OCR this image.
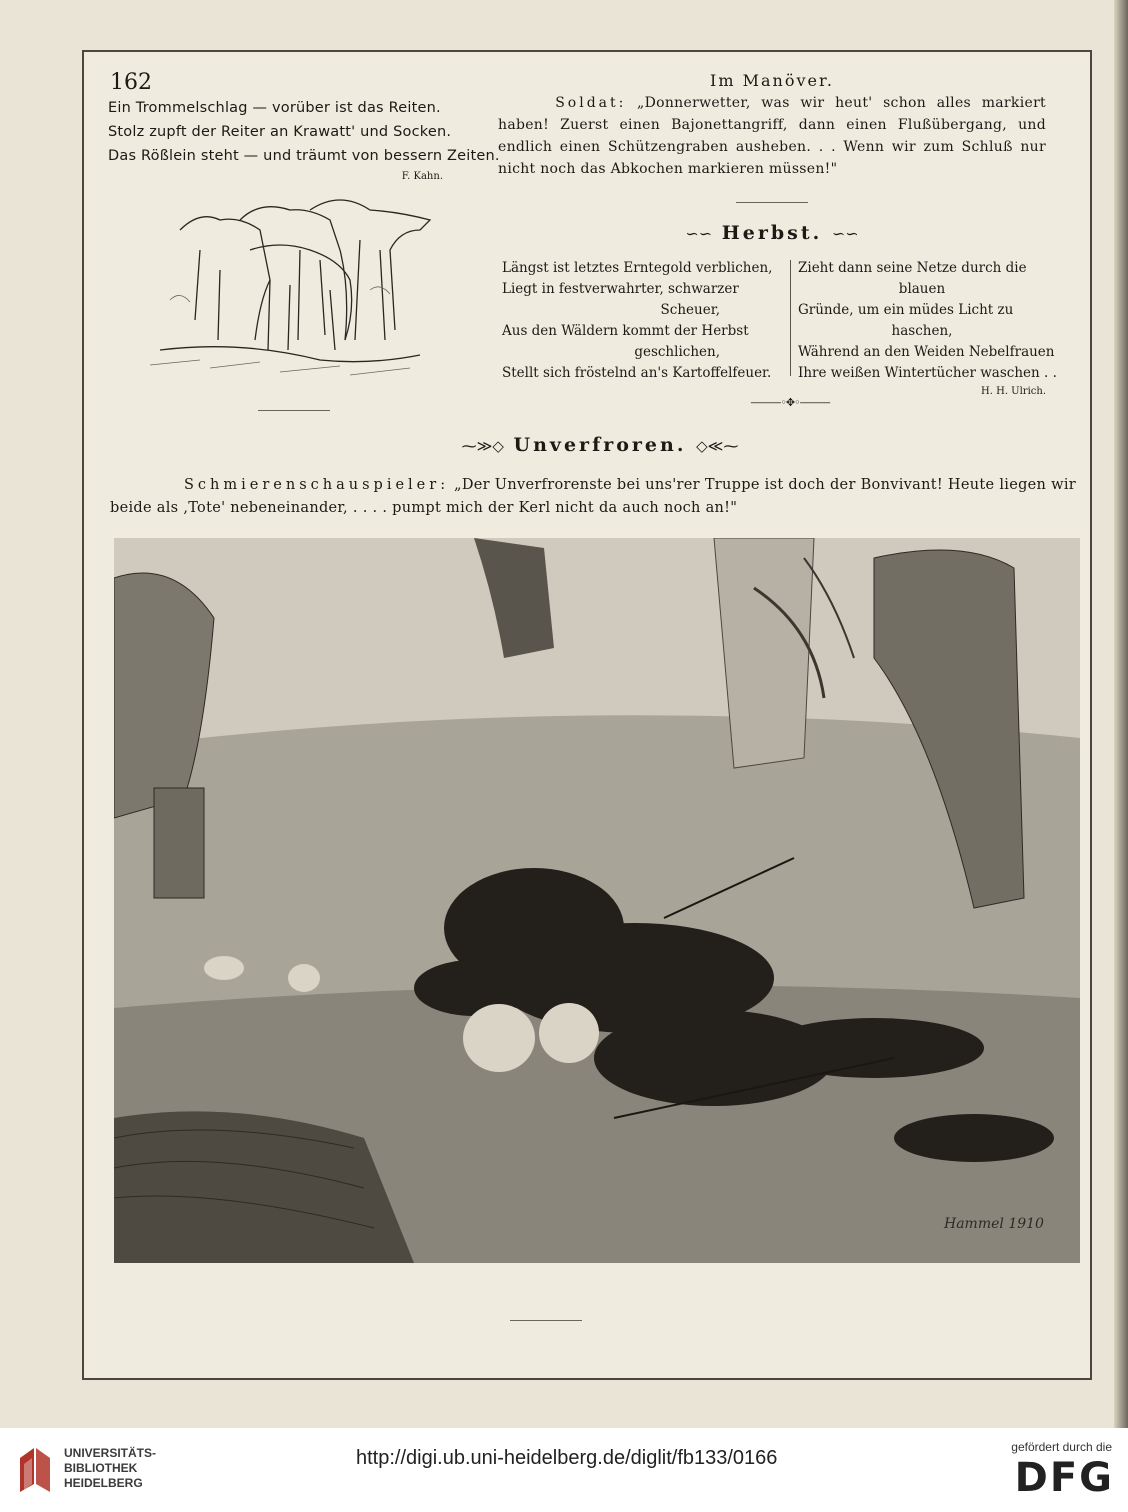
162
Ein Trommelschlag — vorüber ist das Reiten.
Stolz zupft der Reiter an Krawatt' und Socken.
Das Rößlein steht — und träumt von bessern Zeiten.
F. Kahn.
Im Manöver.
    Soldat: „Donnerwetter, was wir heut' schon alles markiert haben! Zuerst einen Bajonettangriff, dann einen Flußübergang, und endlich einen Schützengraben ausheben. . . Wenn wir zum Schluß nur nicht noch das Abkochen markieren müssen!"
∽∽ Herbst. ∽∽
Längst ist letztes Erntegold verblichen,
Liegt in festverwahrter, schwarzer
Scheuer,
Aus den Wäldern kommt der Herbst
geschlichen,
Stellt sich fröstelnd an's Kartoffelfeuer.
Zieht dann seine Netze durch die
blauen
Gründe, um ein müdes Licht zu
haschen,
Während an den Weiden Nebelfrauen
Ihre weißen Wintertücher waschen . .
H. H. Ulrich.
———◦✥◦———
⁓≫◇ Unverfroren. ◇≪⁓
     Schmierenschauspieler: „Der Unverfrorenste bei uns'rer Truppe ist doch der Bonvivant! Heute liegen wir beide als ‚Tote' nebeneinander, . . . . pumpt mich der Kerl nicht da auch noch an!"
Hammel 1910
UNIVERSITÄTS-
BIBLIOTHEK
HEIDELBERG
http://digi.ub.uni-heidelberg.de/diglit/fb133/0166	gefördert durch die
DFG
